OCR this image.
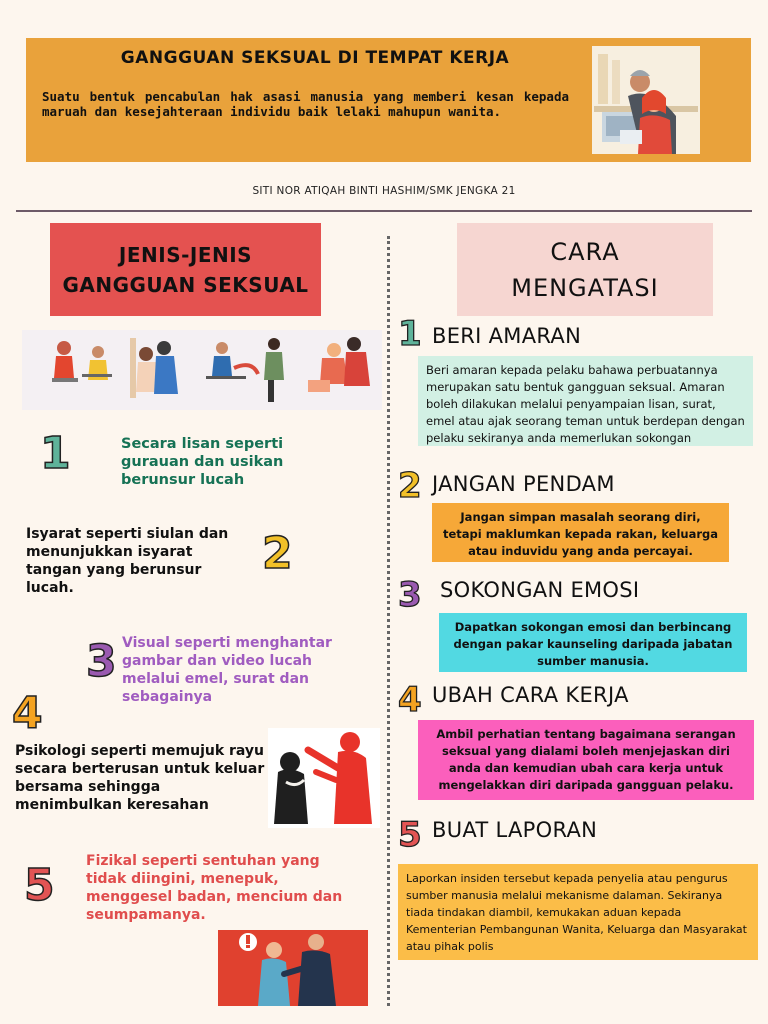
GANGGUAN SEKSUAL DI TEMPAT KERJA
Suatu bentuk pencabulan hak asasi manusia yang memberi kesan kepada maruah dan kesejahteraan individu baik lelaki mahupun wanita.
SITI NOR ATIQAH BINTI HASHIM/SMK JENGKA 21
JENIS-JENIS
GANGGUAN SEKSUAL
1	Secara lisan seperti gurauan dan usikan berunsur lucah
Isyarat seperti siulan dan menunjukkan isyarat tangan yang berunsur lucah.
2
3 Visual seperti menghantar gambar dan video lucah melalui emel, surat dan sebagainya
4
Psikologi seperti memujuk rayu secara berterusan untuk keluar bersama sehingga menimbulkan keresahan
5 Fizikal seperti sentuhan yang tidak diingini, menepuk, menggesel badan, mencium dan seumpamanya.
CARA
MENGATASI
1 BERI AMARAN
Beri amaran kepada pelaku bahawa perbuatannya merupakan satu bentuk gangguan seksual. Amaran boleh dilakukan melalui penyampaian lisan, surat, emel atau ajak seorang teman untuk berdepan dengan pelaku sekiranya anda memerlukan sokongan
2 JANGAN PENDAM
Jangan simpan masalah seorang diri, tetapi maklumkan kepada rakan, keluarga atau induvidu yang anda percayai.
3 SOKONGAN EMOSI
Dapatkan sokongan emosi dan berbincang dengan pakar kaunseling daripada jabatan sumber manusia.
4 UBAH CARA KERJA
Ambil perhatian tentang bagaimana serangan seksual yang dialami boleh menjejaskan diri anda dan kemudian ubah cara kerja untuk mengelakkan diri daripada gangguan pelaku.
5 BUAT LAPORAN
Laporkan insiden tersebut kepada penyelia atau pengurus sumber manusia melalui mekanisme dalaman. Sekiranya tiada tindakan diambil, kemukakan aduan kepada Kementerian Pembangunan Wanita, Keluarga dan Masyarakat atau pihak polis
